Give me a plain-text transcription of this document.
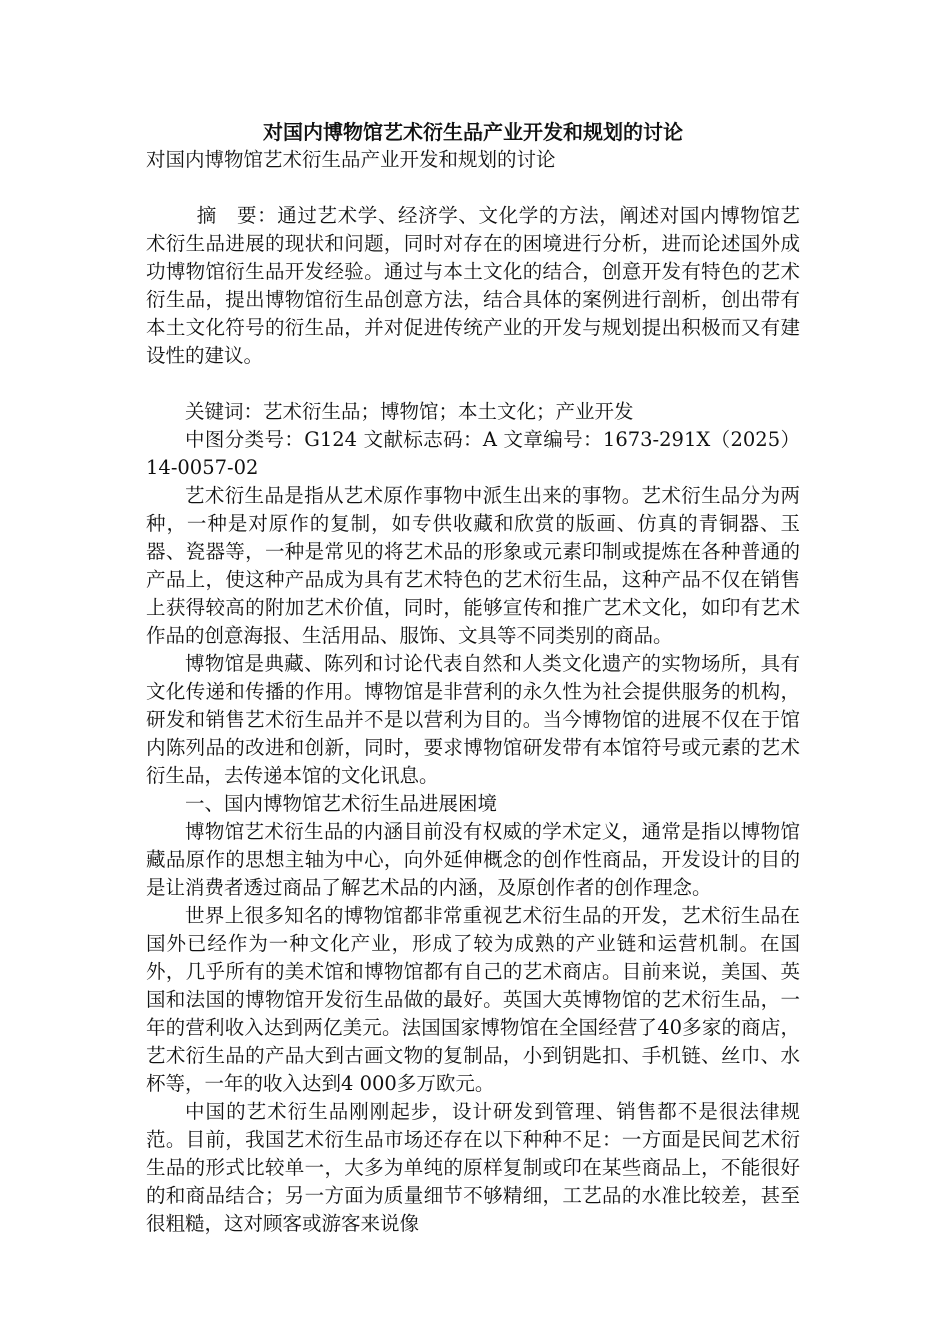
对国内博物馆艺术衍生品产业开发和规划的讨论
对国内博物馆艺术衍生品产业开发和规划的讨论

摘　要：通过艺术学、经济学、文化学的方法，阐述对国内博物馆艺术衍生品进展的现状和问题，同时对存在的困境进行分析，进而论述国外成功博物馆衍生品开发经验。通过与本土文化的结合，创意开发有特色的艺术衍生品，提出博物馆衍生品创意方法，结合具体的案例进行剖析，创出带有本土文化符号的衍生品，并对促进传统产业的开发与规划提出积极而又有建设性的建议。

关键词：艺术衍生品；博物馆；本土文化；产业开发

中图分类号：G124 文献标志码：A 文章编号：1673-291X（2025）14-0057-02

艺术衍生品是指从艺术原作事物中派生出来的事物。艺术衍生品分为两种，一种是对原作的复制，如专供收藏和欣赏的版画、仿真的青铜器、玉器、瓷器等，一种是常见的将艺术品的形象或元素印制或提炼在各种普通的产品上，使这种产品成为具有艺术特色的艺术衍生品，这种产品不仅在销售上获得较高的附加艺术价值，同时，能够宣传和推广艺术文化，如印有艺术作品的创意海报、生活用品、服饰、文具等不同类别的商品。

博物馆是典藏、陈列和讨论代表自然和人类文化遗产的实物场所，具有文化传递和传播的作用。博物馆是非营利的永久性为社会提供服务的机构，研发和销售艺术衍生品并不是以营利为目的。当今博物馆的进展不仅在于馆内陈列品的改进和创新，同时，要求博物馆研发带有本馆符号或元素的艺术衍生品，去传递本馆的文化讯息。

一、国内博物馆艺术衍生品进展困境

博物馆艺术衍生品的内涵目前没有权威的学术定义，通常是指以博物馆藏品原作的思想主轴为中心，向外延伸概念的创作性商品，开发设计的目的是让消费者透过商品了解艺术品的内涵，及原创作者的创作理念。

世界上很多知名的博物馆都非常重视艺术衍生品的开发，艺术衍生品在国外已经作为一种文化产业，形成了较为成熟的产业链和运营机制。在国外，几乎所有的美术馆和博物馆都有自己的艺术商店。目前来说，美国、英国和法国的博物馆开发衍生品做的最好。英国大英博物馆的艺术衍生品，一年的营利收入达到两亿美元。法国国家博物馆在全国经营了40多家的商店，艺术衍生品的产品大到古画文物的复制品，小到钥匙扣、手机链、丝巾、水杯等，一年的收入达到4 000多万欧元。

中国的艺术衍生品刚刚起步，设计研发到管理、销售都不是很法律规范。目前，我国艺术衍生品市场还存在以下种种不足：一方面是民间艺术衍生品的形式比较单一，大多为单纯的原样复制或印在某些商品上，不能很好的和商品结合；另一方面为质量细节不够精细，工艺品的水准比较差，甚至很粗糙，这对顾客或游客来说像
